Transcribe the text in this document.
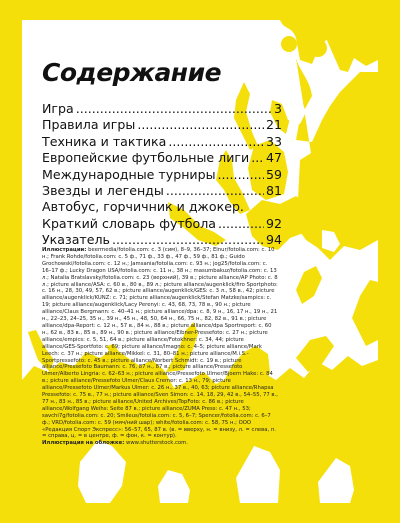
Содержание
Игра .....	3
Правила игры .....	21
Техника и тактика .....	33
Европейские футбольные лиги ..... 47
Международные турниры .....	59
Звезды и легенды .....	81
Автобус, горчичник и джокер.
Краткий словарь футбола .....	92
Указатель .....	94

Иллюстрации: beermedia/fotolia.com: c. 3 (сим), 8–9, 36–37; Elnur/fotolia.com: c. 10 н.; Frank Rohde/fotolia.com: c. 5 ф., 71 ф., 33 ф., 47 ф., 59 ф., 81 ф.; Guido Grochowski/fotolia.com: c. 12 н.; Jamsania/fotolia.com: c. 93 н.; jog25/fotolia.com: c. 16–17 ф.; Lucky Dragon USA/fotolia.com: c. 11 н., 38 н.; masumbakuz/fotolia.com: c. 13 л.; Natalia Bratslavsky/fotolia.com: c. 23 (верхний), 39 в.; picture alliance/AP Photo: c. 8 л.; picture alliance/ASA: c. 60 в., 80 в., 89 л.; picture alliance/augenklick/firo Sportphoto: c. 16 н., 28, 30, 49, 57, 62 в.; picture alliance/augenklick/GES: c. 3 л., 58 в., 42; picture alliance/augenklick/KUNZ: c. 71; picture alliance/augenklick/Stefan Matzke/sampics: c. 19; picture alliance/augenklick/Lacy Perenyi: c. 43, 68, 73, 78 в., 90 н.; picture alliance/Claus Bergmann: c. 40–41 н.; picture alliance/dpa: c. 8, 9 н., 16, 17 н., 19 н., 21 н., 22–23, 24–25, 35 н., 39 н., 45 н., 48, 50, 64 н., 66, 75 н., 82, 82 в., 91 в.; picture alliance/dpa-Report: c. 12 н., 57 в., 84 н., 88 в.; picture alliance/dpa Sportreport: c. 60 н., 62 в., 83 в., 85 в., 89 н., 90 в.; picture alliance/Eibner-Pressefoto: c. 27 н.; picture alliance/empics: c. 5, 51, 64 в.; picture alliance/Fotokhner: c. 34, 44; picture alliance/GES-Sportfoto: c. 69; picture alliance/Imagno: c. 4–5; picture alliance/Mark Leech: c. 37 н.; picture alliance/Mikkel: c. 31, 80–81 н.; picture alliance/M.i.S.-Sportpressefoto: c. 45 в.; picture alliance/Norbert Schmidt: c. 19 в.; picture alliance/Pressefoto Baumann: c. 76, 87 н., 87 в.; picture alliance/Pressefoto Ulmer/Alberto Lingria: c. 62–63 н.; picture alliance/Pressefoto Ulmer/Bjoern Hake: c. 84 в.; picture alliance/Pressefoto Ulmer/Claus Cremer: c. 13 н., 79; picture alliance/Pressefoto Ulmer/Markus Ulmer: c. 26 н., 37 в., 40, 63; picture alliance/Rhapsa Pressefoto: c. 75 в., 77 н.; picture alliance/Sven Simon: c. 14, 18, 29, 42 в., 54–55, 77 в., 77 н., 83 н., 85 в.; picture alliance/United Archives/TopFoto: c. 86 в.; picture alliance/Wolfgang Weihs: Seite 87 в.; picture alliance/ZUMA Press: c. 47 н., 53; savchi7g/fotolia.com: c. 20; Smileus/fotolia.com: c. 5, 6–7; Spencer/fotolia.com: c. 6–7 ф.; VRD/fotolia.com: c. 59 (мяч/ний шар); white/fotolia.com: c. 58, 75 н.; ООО «Редакция Спорт Экспресс»: 56–57, 65, 87 в. (в. = вверху, н. = внизу, л. = слева, п. = справа, ц. = в центре, ф. = фон, к. = контур).

Иллюстрация на обложке: www.shutterstock.com.
